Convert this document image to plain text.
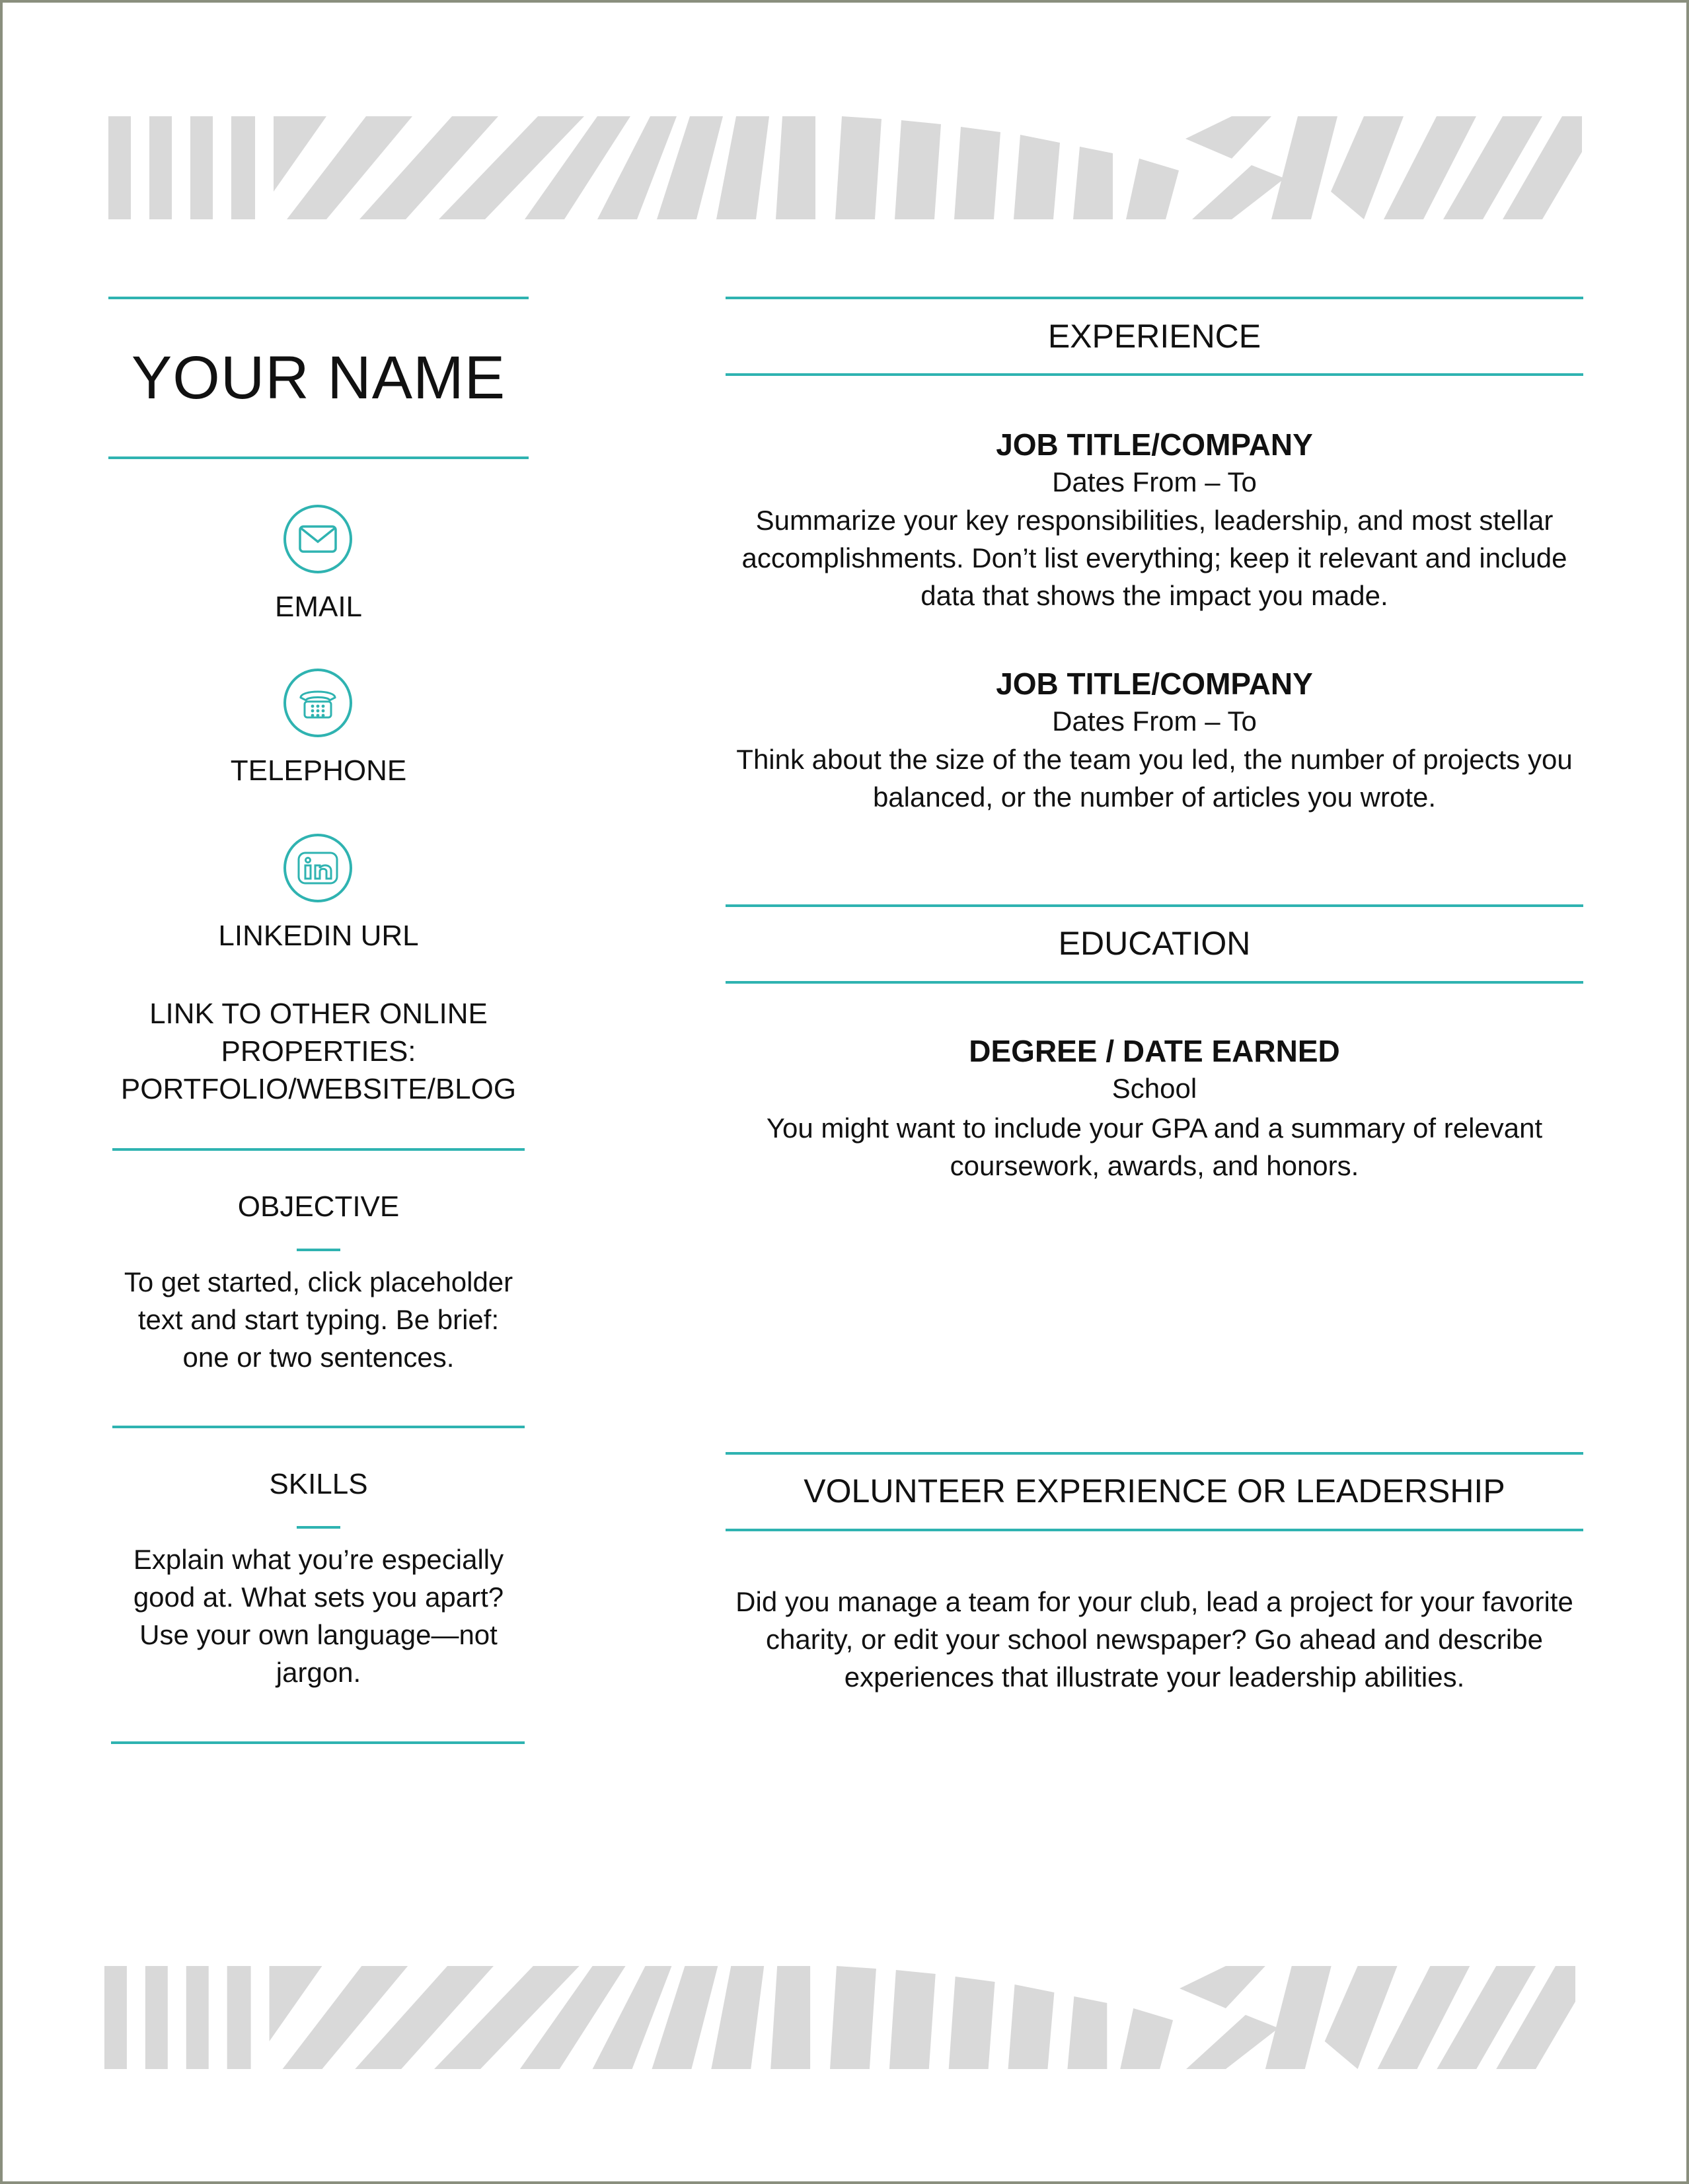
YOUR NAME
EMAIL
TELEPHONE
LINKEDIN URL
LINK TO OTHER ONLINE
PROPERTIES:
PORTFOLIO/WEBSITE/BLOG
OBJECTIVE
To get started, click placeholder
text and start typing. Be brief:
one or two sentences.
SKILLS
Explain what you’re especially
good at. What sets you apart?
Use your own language—not
jargon.
EXPERIENCE
JOB TITLE/COMPANY
Dates From – To
Summarize your key responsibilities, leadership, and most stellar
accomplishments. Don’t list everything; keep it relevant and include
data that shows the impact you made.
JOB TITLE/COMPANY
Dates From – To
Think about the size of the team you led, the number of projects you
balanced, or the number of articles you wrote.
EDUCATION
DEGREE / DATE EARNED
School
You might want to include your GPA and a summary of relevant
coursework, awards, and honors.
VOLUNTEER EXPERIENCE OR LEADERSHIP
Did you manage a team for your club, lead a project for your favorite
charity, or edit your school newspaper? Go ahead and describe
experiences that illustrate your leadership abilities.
